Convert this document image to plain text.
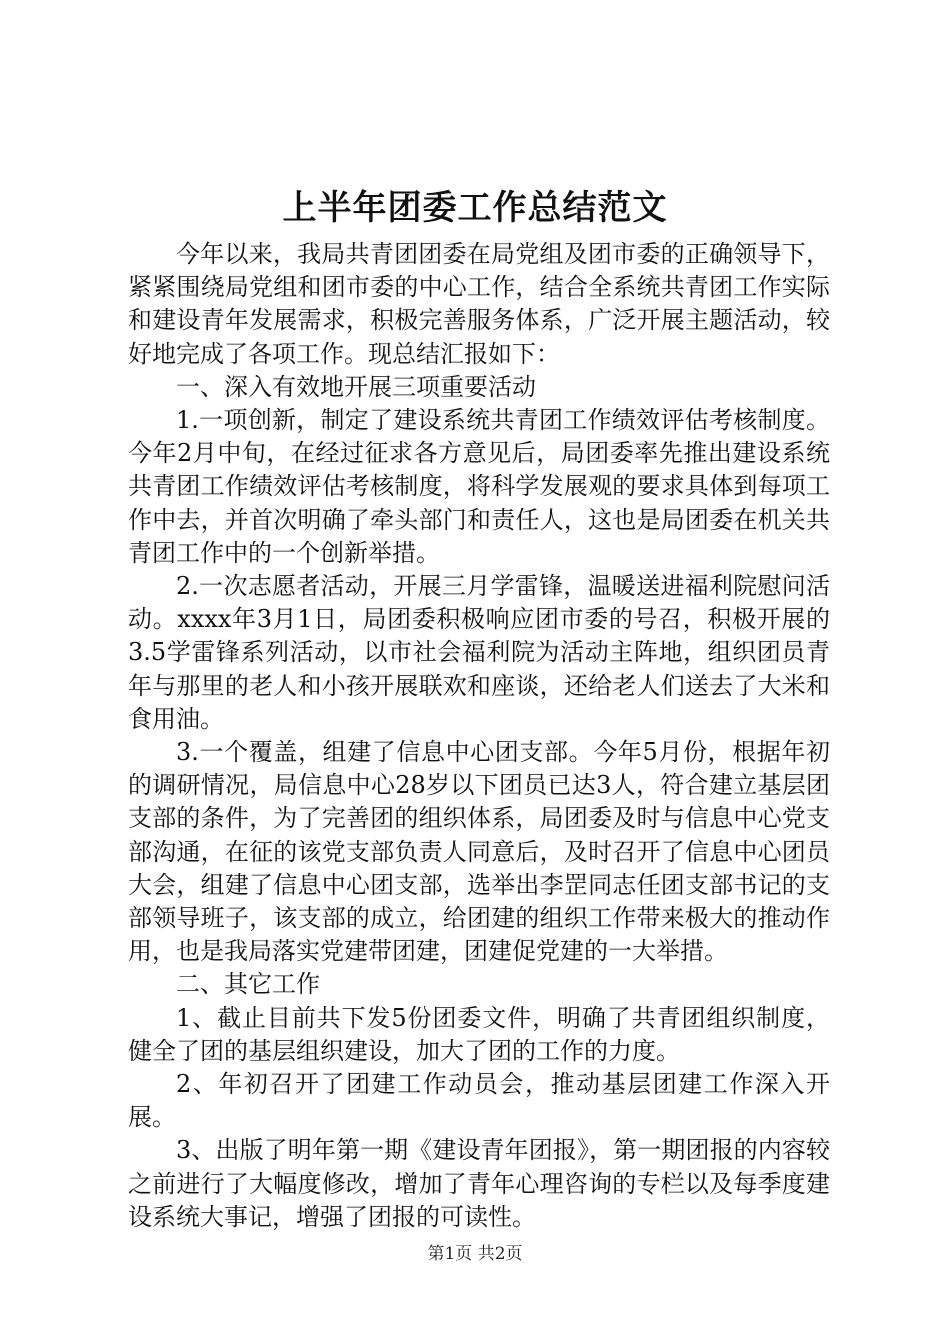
上半年团委工作总结范文

今年以来，我局共青团团委在局党组及团市委的正确领导下，紧紧围绕局党组和团市委的中心工作，结合全系统共青团工作实际和建设青年发展需求，积极完善服务体系，广泛开展主题活动，较好地完成了各项工作。现总结汇报如下：

一、深入有效地开展三项重要活动

1.一项创新，制定了建设系统共青团工作绩效评估考核制度。今年2月中旬，在经过征求各方意见后，局团委率先推出建设系统共青团工作绩效评估考核制度，将科学发展观的要求具体到每项工作中去，并首次明确了牵头部门和责任人，这也是局团委在机关共青团工作中的一个创新举措。

2.一次志愿者活动，开展三月学雷锋，温暖送进福利院慰问活动。xxxx年3月1日，局团委积极响应团市委的号召，积极开展的3.5学雷锋系列活动，以市社会福利院为活动主阵地，组织团员青年与那里的老人和小孩开展联欢和座谈，还给老人们送去了大米和食用油。

3.一个覆盖，组建了信息中心团支部。今年5月份，根据年初的调研情况，局信息中心28岁以下团员已达3人，符合建立基层团支部的条件，为了完善团的组织体系，局团委及时与信息中心党支部沟通，在征的该党支部负责人同意后，及时召开了信息中心团员大会，组建了信息中心团支部，选举出李罡同志任团支部书记的支部领导班子，该支部的成立，给团建的组织工作带来极大的推动作用，也是我局落实党建带团建，团建促党建的一大举措。

二、其它工作

1、截止目前共下发5份团委文件，明确了共青团组织制度，健全了团的基层组织建设，加大了团的工作的力度。

2、年初召开了团建工作动员会，推动基层团建工作深入开展。

3、出版了明年第一期《建设青年团报》，第一期团报的内容较之前进行了大幅度修改，增加了青年心理咨询的专栏以及每季度建设系统大事记，增强了团报的可读性。

第1页 共2页
